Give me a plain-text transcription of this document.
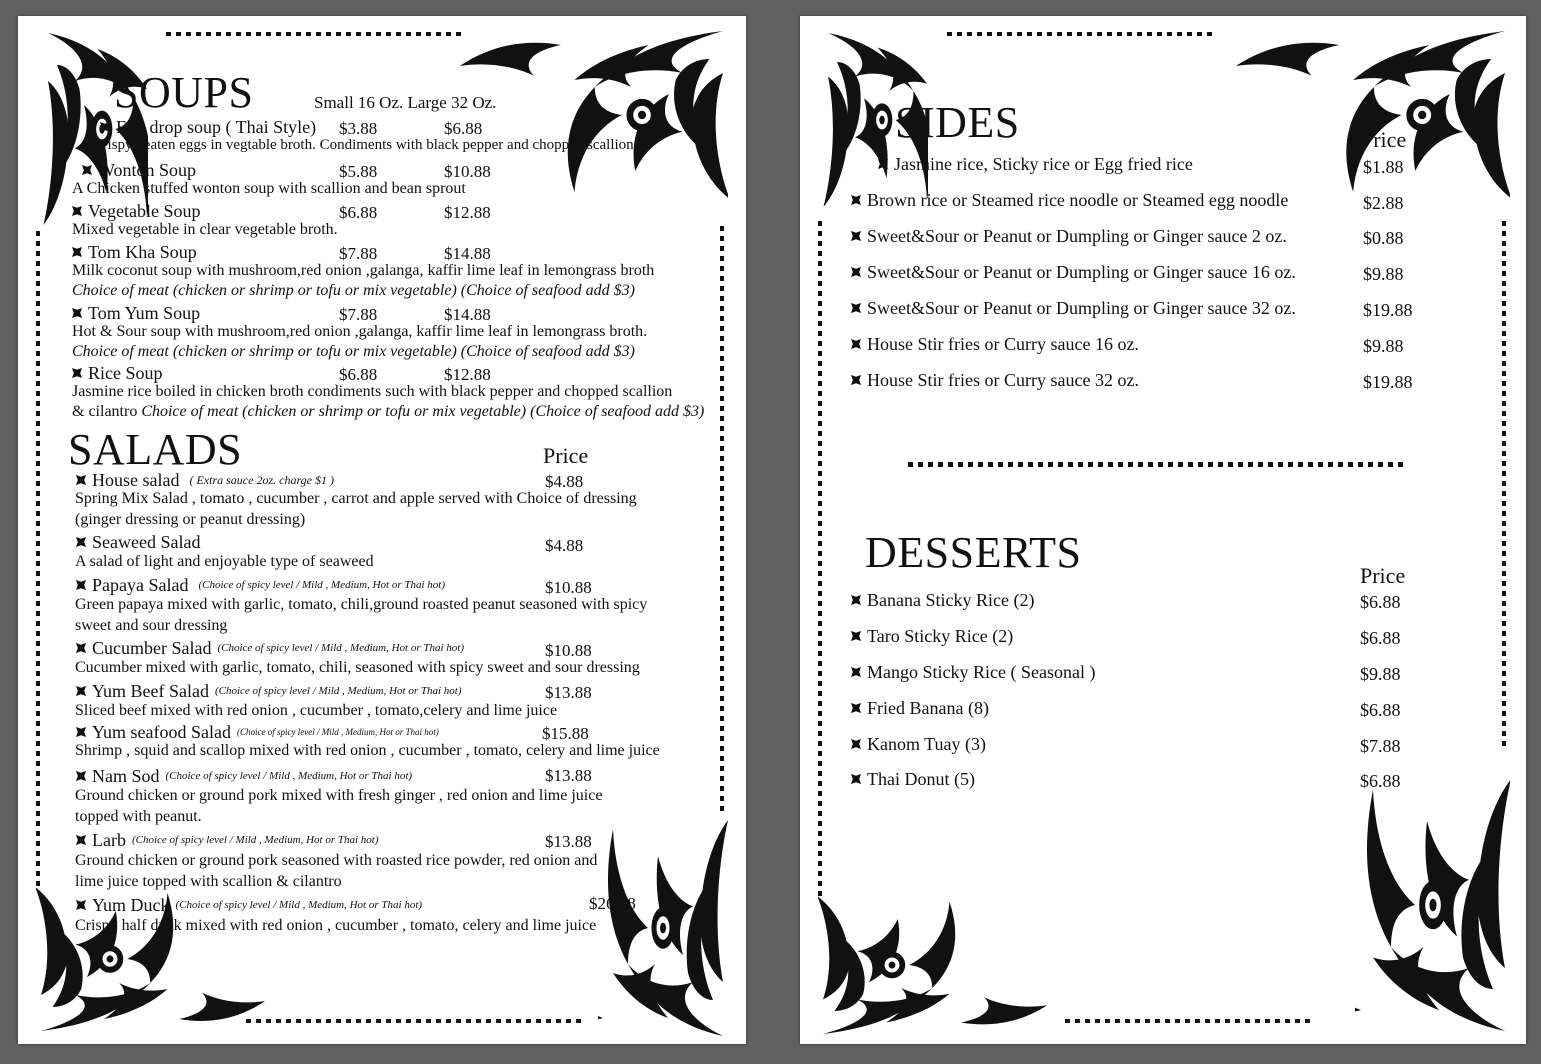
SOUPS	Small 16 Oz. Large 32 Oz.
Egg drop soup ( Thai Style) $3.88	$6.88
Wispy beaten eggs in vegtable broth. Condiments with black pepper and chopped scallions
Wonton Soup	$5.88	$10.88
A Chicken stuffed wonton soup with scallion and bean sprout
Vegetable Soup	$6.88	$12.88
Mixed vegetable in clear vegetable broth.
Tom Kha Soup	$7.88	$14.88
Milk coconut soup with mushroom,red onion ,galanga, kaffir lime leaf in lemongrass broth
Choice of meat (chicken or shrimp or tofu or mix vegetable) (Choice of seafood add $3)
Tom Yum Soup	$7.88	$14.88
Hot & Sour soup with mushroom,red onion ,galanga, kaffir lime leaf in lemongrass broth.
Choice of meat (chicken or shrimp or tofu or mix vegetable) (Choice of seafood add $3)
Rice Soup	$6.88	$12.88
Jasmine rice boiled in chicken broth condiments such with black pepper and chopped scallion
& cilantro Choice of meat (chicken or shrimp or tofu or mix vegetable) (Choice of seafood add $3)
SALADS	Price
House salad ( Extra sauce 2oz. charge $1 )	$4.88
Spring Mix Salad , tomato , cucumber , carrot and apple served with Choice of dressing
(ginger dressing or peanut dressing)
Seaweed Salad	$4.88
A salad of light and enjoyable type of seaweed
Papaya Salad (Choice of spicy level / Mild , Medium, Hot or Thai hot)	$10.88
Green papaya mixed with garlic, tomato, chili,ground roasted peanut seasoned with spicy
sweet and sour dressing
Cucumber Salad (Choice of spicy level / Mild , Medium, Hot or Thai hot)	$10.88
Cucumber mixed with garlic, tomato, chili, seasoned with spicy sweet and sour dressing
Yum Beef Salad (Choice of spicy level / Mild , Medium, Hot or Thai hot)	$13.88
Sliced beef mixed with red onion , cucumber , tomato,celery and lime juice
Yum seafood Salad (Choice of spicy level / Mild , Medium, Hot or Thai hot)	$15.88
Shrimp , squid and scallop mixed with red onion , cucumber , tomato, celery and lime juice
Nam Sod (Choice of spicy level / Mild , Medium, Hot or Thai hot)	$13.88
Ground chicken or ground pork mixed with fresh ginger , red onion and lime juice
topped with peanut.
Larb (Choice of spicy level / Mild , Medium, Hot or Thai hot)	$13.88
Ground chicken or ground pork seasoned with roasted rice powder, red onion and
lime juice topped with scallion & cilantro
Yum Duck (Choice of spicy level / Mild , Medium, Hot or Thai hot)	$26.88
Crispy half duck mixed with red onion , cucumber , tomato, celery and lime juice
SIDES	Price
Jasmine rice, Sticky rice or Egg fried rice	$1.88
Brown rice or Steamed rice noodle or Steamed egg noodle	$2.88
Sweet&Sour or Peanut or Dumpling or Ginger sauce 2 oz.	$0.88
Sweet&Sour or Peanut or Dumpling or Ginger sauce 16 oz.	$9.88
Sweet&Sour or Peanut or Dumpling or Ginger sauce 32 oz.	$19.88
House Stir fries or Curry sauce 16 oz.	$9.88
House Stir fries or Curry sauce 32 oz.	$19.88
DESSERTS	Price
Banana Sticky Rice (2)	$6.88
Taro Sticky Rice (2)	$6.88
Mango Sticky Rice ( Seasonal )	$9.88
Fried Banana (8)	$6.88
Kanom Tuay (3)	$7.88
Thai Donut (5)	$6.88
